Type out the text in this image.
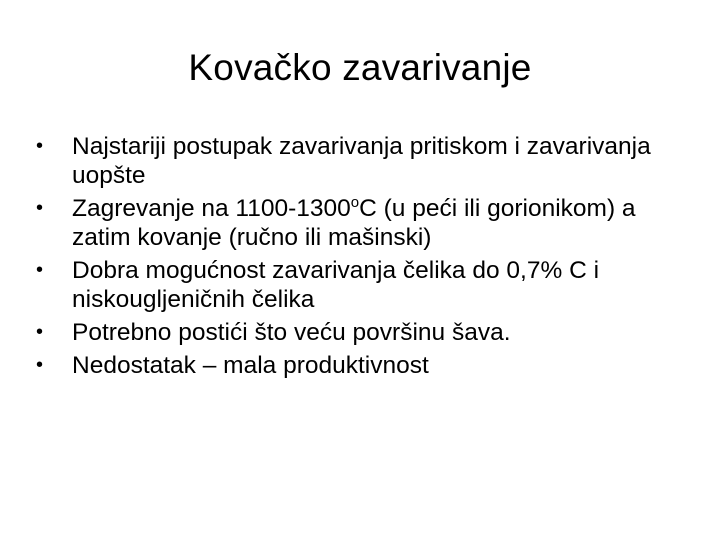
Kovačko zavarivanje
•	Najstariji postupak zavarivanja pritiskom i zavarivanja uopšte
•	Zagrevanje na 1100-1300$^o$C (u peći ili gorionikom) a zatim kovanje (ručno ili mašinski)
•	Dobra mogućnost zavarivanja čelika do 0,7% C i niskougljeničnih čelika
•	Potrebno postići što veću površinu šava.
•	Nedostatak – mala produktivnost
